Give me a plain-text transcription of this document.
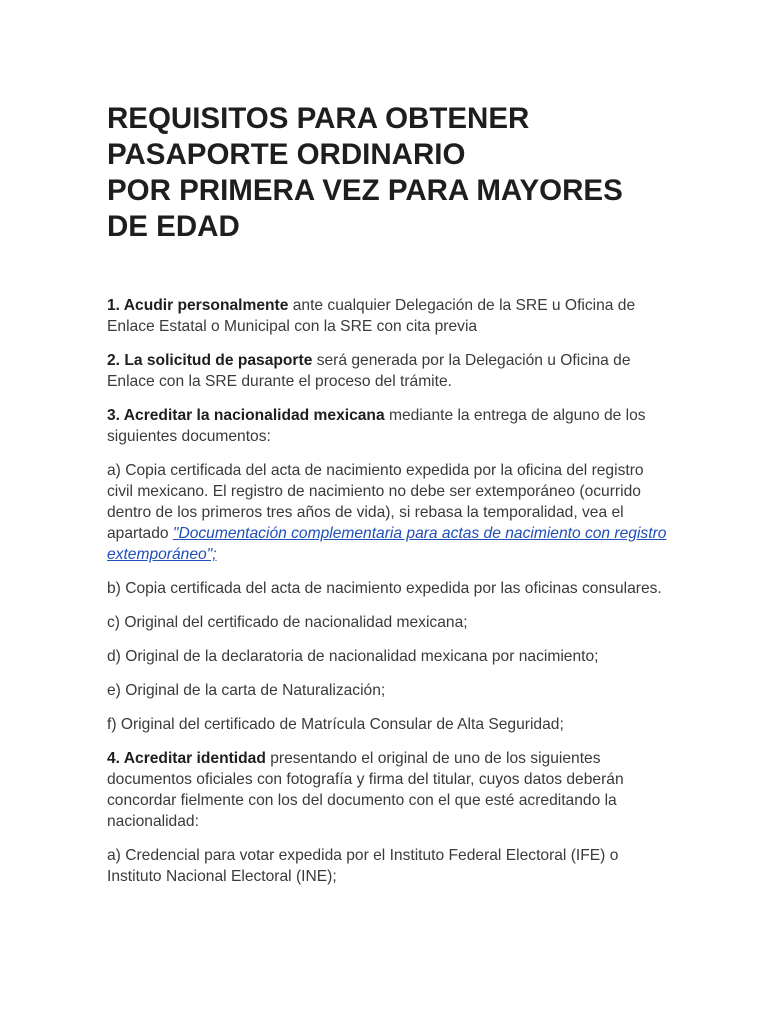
REQUISITOS PARA OBTENER
PASAPORTE ORDINARIO
POR PRIMERA VEZ PARA MAYORES
DE EDAD

1. Acudir personalmente ante cualquier Delegación de la SRE u Oficina de Enlace Estatal o Municipal con la SRE con cita previa

2. La solicitud de pasaporte será generada por la Delegación u Oficina de Enlace con la SRE durante el proceso del trámite.

3. Acreditar la nacionalidad mexicana mediante la entrega de alguno de los siguientes documentos:

a) Copia certificada del acta de nacimiento expedida por la oficina del registro civil mexicano. El registro de nacimiento no debe ser extemporáneo (ocurrido dentro de los primeros tres años de vida), si rebasa la temporalidad, vea el apartado "Documentación complementaria para actas de nacimiento con registro extemporáneo";

b) Copia certificada del acta de nacimiento expedida por las oficinas consulares.

c) Original del certificado de nacionalidad mexicana;

d) Original de la declaratoria de nacionalidad mexicana por nacimiento;

e) Original de la carta de Naturalización;

f) Original del certificado de Matrícula Consular de Alta Seguridad;

4. Acreditar identidad presentando el original de uno de los siguientes documentos oficiales con fotografía y firma del titular, cuyos datos deberán concordar fielmente con los del documento con el que esté acreditando la nacionalidad:

a) Credencial para votar expedida por el Instituto Federal Electoral (IFE) o Instituto Nacional Electoral (INE);
